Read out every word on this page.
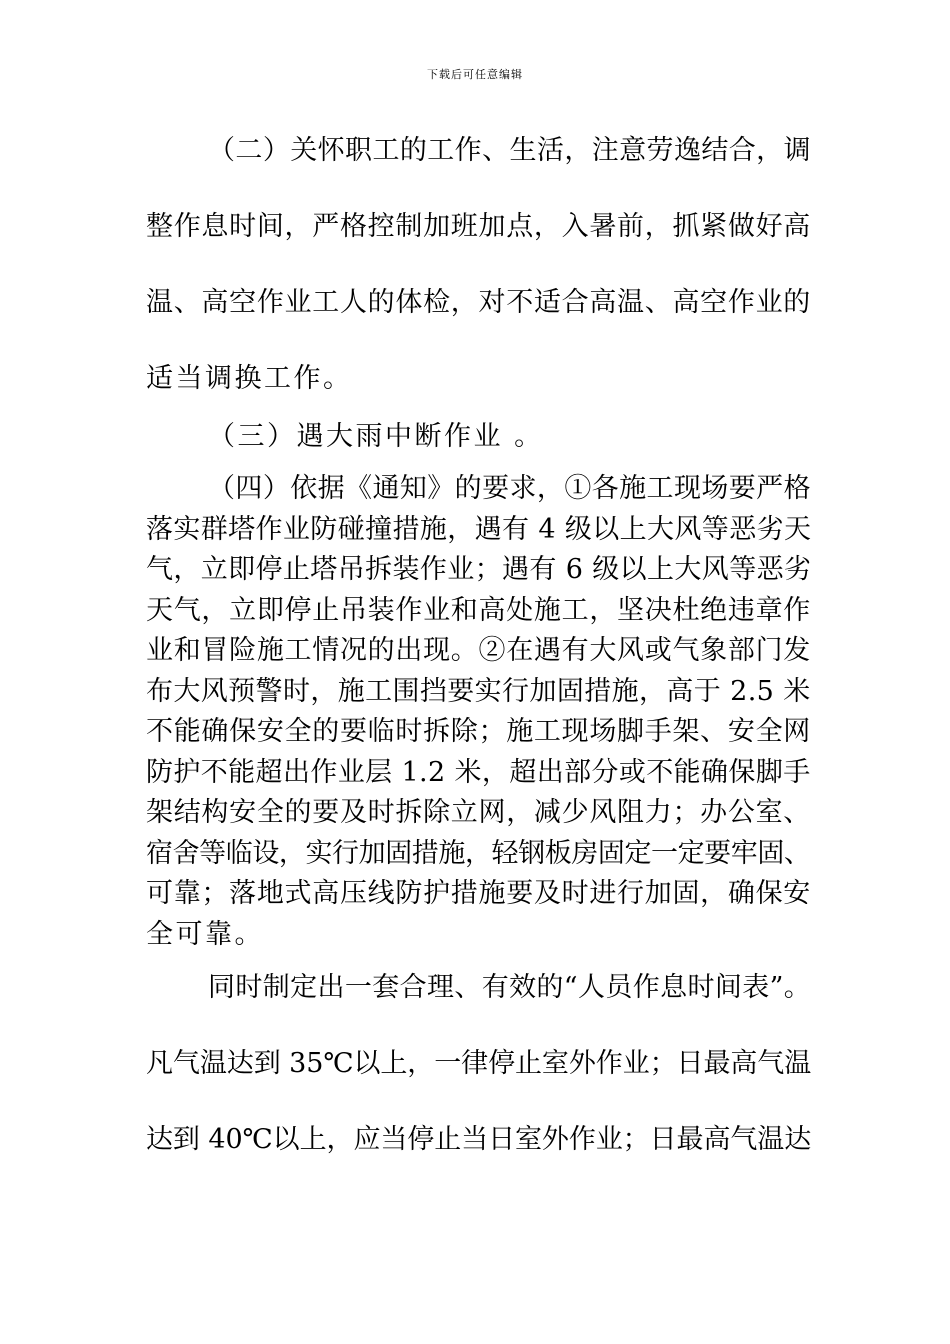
下载后可任意编辑
（二）关怀职工的工作、生活，注意劳逸结合，调
整作息时间，严格控制加班加点，入暑前，抓紧做好高
温、高空作业工人的体检，对不适合高温、高空作业的
适当调换工作。
（三）遇大雨中断作业 。
（四）依据《通知》的要求，①各施工现场要严格
落实群塔作业防碰撞措施，遇有 4 级以上大风等恶劣天
气，立即停止塔吊拆装作业；遇有 6 级以上大风等恶劣
天气，立即停止吊装作业和高处施工，坚决杜绝违章作
业和冒险施工情况的出现。②在遇有大风或气象部门发
布大风预警时，施工围挡要实行加固措施，高于 2.5 米
不能确保安全的要临时拆除；施工现场脚手架、安全网
防护不能超出作业层 1.2 米，超出部分或不能确保脚手
架结构安全的要及时拆除立网，减少风阻力；办公室、
宿舍等临设，实行加固措施，轻钢板房固定一定要牢固、
可靠；落地式高压线防护措施要及时进行加固，确保安
全可靠。
同时制定出一套合理、有效的“人员作息时间表”。
凡气温达到 35℃以上，一律停止室外作业；日最高气温
达到 40℃以上，应当停止当日室外作业；日最高气温达
